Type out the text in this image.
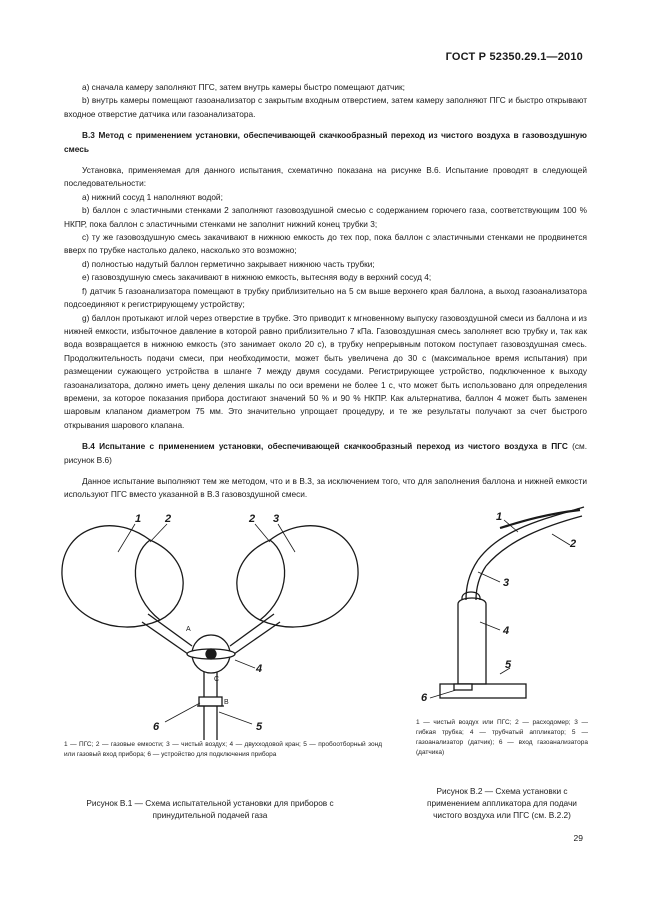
ГОСТ Р 52350.29.1—2010

а) сначала камеру заполняют ПГС, затем внутрь камеры быстро помещают датчик;

b) внутрь камеры помещают газоанализатор с закрытым входным отверстием, затем камеру заполняют ПГС и быстро открывают входное отверстие датчика или газоанализатора.

В.3 Метод с применением установки, обеспечивающей скачкообразный переход из чистого воздуха в газовоздушную смесь

Установка, применяемая для данного испытания, схематично показана на рисунке В.6. Испытание проводят в следующей последовательности:

а) нижний сосуд 1 наполняют водой;

b) баллон с эластичными стенками 2 заполняют газовоздушной смесью с содержанием горючего газа, соответствующим 100 % НКПР, пока баллон с эластичными стенками не заполнит нижний конец трубки 3;

с) ту же газовоздушную смесь закачивают в нижнюю емкость до тех пор, пока баллон с эластичными стенками не продвинется вверх по трубке настолько далеко, насколько это возможно;

d) полностью надутый баллон герметично закрывает нижнюю часть трубки;

е) газовоздушную смесь закачивают в нижнюю емкость, вытесняя воду в верхний сосуд 4;

f) датчик 5 газоанализатора помещают в трубку приблизительно на 5 см выше верхнего края баллона, а выход газоанализатора подсоединяют к регистрирующему устройству;

g) баллон протыкают иглой через отверстие в трубке. Это приводит к мгновенному выпуску газовоздушной смеси из баллона и из нижней емкости, избыточное давление в которой равно приблизительно 7 кПа. Газовоздушная смесь заполняет всю трубку и, так как вода возвращается в нижнюю емкость (это занимает около 20 с), в трубку непрерывным потоком поступает газовоздушная смесь. Продолжительность подачи смеси, при необходимости, может быть увеличена до 30 с (максимальное время испытания) при размещении сужающего устройства в шланге 7 между двумя сосудами. Регистрирующее устройство, подключенное к выходу газоанализатора, должно иметь цену деления шкалы по оси времени не более 1 с, что может быть использовано для определения времени, за которое показания прибора достигают значений 50 % и 90 % НКПР. Как альтернатива, баллон 4 может быть заменен шаровым клапаном диаметром 75 мм. Это значительно упрощает процедуру, и те же результаты получают за счет быстрого открывания шарового клапана.

В.4 Испытание с применением установки, обеспечивающей скачкообразный переход из чистого воздуха в ПГС (см. рисунок В.6)

Данное испытание выполняют тем же методом, что и в В.3, за исключением того, что для заполнения баллона и нижней емкости используют ПГС вместо указанной в В.3 газовоздушной смеси.

1 2	2 3
4
5
6
A
C
B
1
2
3
4
5
6
1 — ПГС; 2 — газовые емкости; 3 — чистый воздух; 4 — двухходовой кран; 5 — пробоотборный зонд или газовый вход прибора; 6 — устройство для подключения прибора
Рисунок В.1 — Схема испытательной установки для приборов с принудительной подачей газа
1 — чистый воздух или ПГС; 2 — расходомер; 3 — гибкая трубка; 4 — трубчатый аппликатор; 5 — газоанализатор (датчик); 6 — вход газоанализатора (датчика)
Рисунок В.2 — Схема установки с применением аппликатора для подачи чистого воздуха или ПГС (см. В.2.2)
29
